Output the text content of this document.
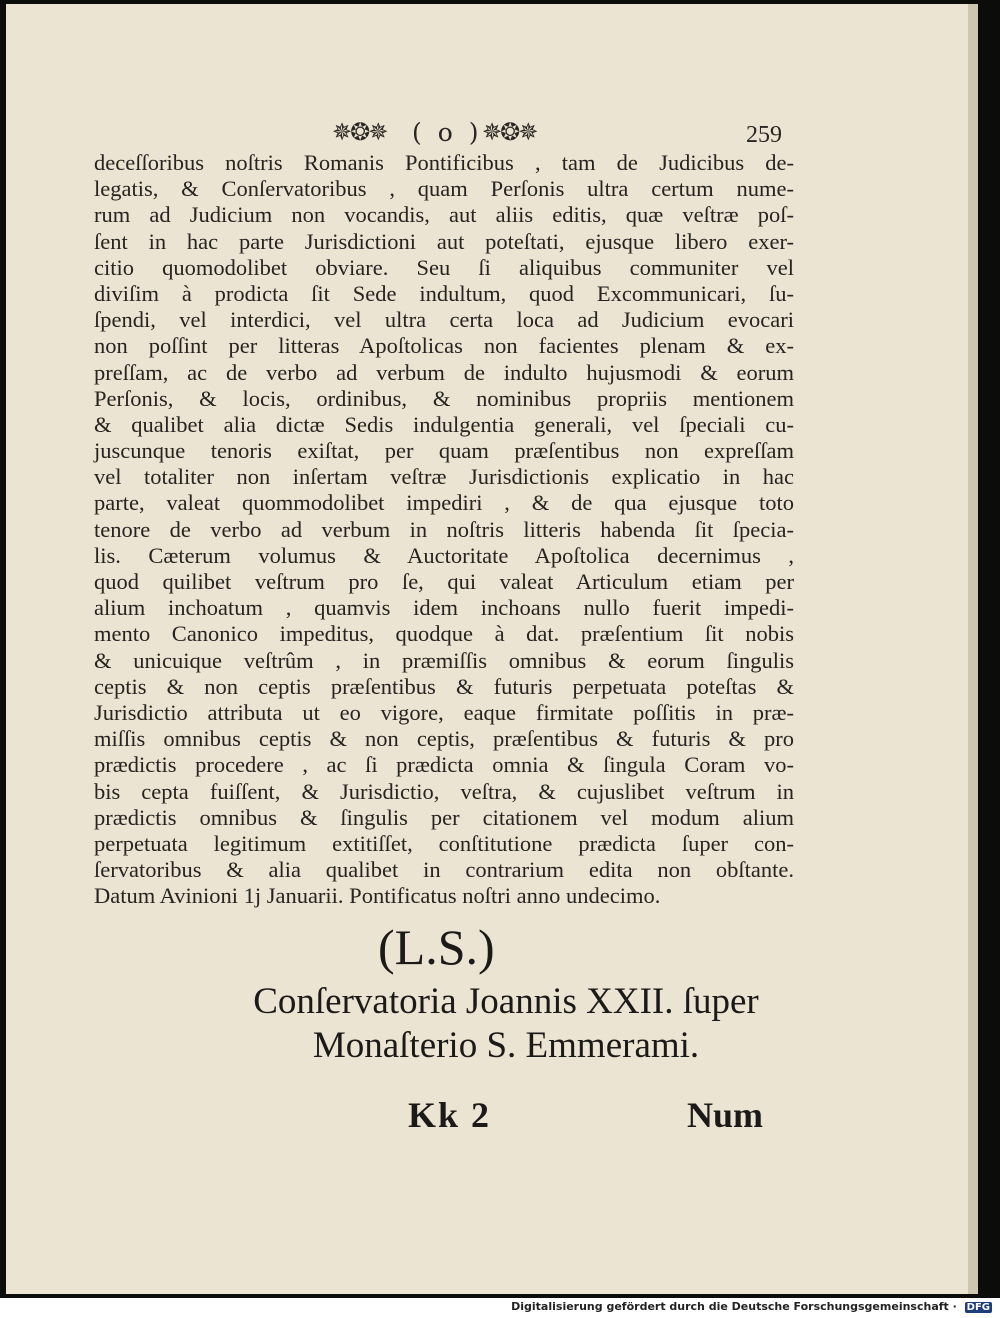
✵❂✵ ( o ) ✵❂✵	259
deceſſoribus noſtris Romanis Pontificibus , tam de Judicibus de-
legatis, & Conſervatoribus , quam Perſonis ultra certum nume-
rum ad Judicium non vocandis, aut aliis editis, quæ veſtræ poſ-
ſent in hac parte Jurisdictioni aut poteſtati, ejusque libero exer-
citio quomodolibet obviare. Seu ſi aliquibus communiter vel
diviſim à prodicta ſit Sede indultum, quod Excommunicari, ſu-
ſpendi, vel interdici, vel ultra certa loca ad Judicium evocari
non poſſint per litteras Apoſtolicas non facientes plenam & ex-
preſſam, ac de verbo ad verbum de indulto hujusmodi & eorum
Perſonis, & locis, ordinibus, & nominibus propriis mentionem
& qualibet alia dictæ Sedis indulgentia generali, vel ſpeciali cu-
juscunque tenoris exiſtat, per quam præſentibus non expreſſam
vel totaliter non inſertam veſtræ Jurisdictionis explicatio in hac
parte, valeat quommodolibet impediri , & de qua ejusque toto
tenore de verbo ad verbum in noſtris litteris habenda ſit ſpecia-
lis. Cæterum volumus & Auctoritate Apoſtolica decernimus ,
quod quilibet veſtrum pro ſe, qui valeat Articulum etiam per
alium inchoatum , quamvis idem inchoans nullo fuerit impedi-
mento Canonico impeditus, quodque à dat. præſentium ſit nobis
& unicuique veſtrûm , in præmiſſis omnibus & eorum ſingulis
ceptis & non ceptis præſentibus & futuris perpetuata poteſtas &
Jurisdictio attributa ut eo vigore, eaque firmitate poſſitis in præ-
miſſis omnibus ceptis & non ceptis, præſentibus & futuris & pro
prædictis procedere , ac ſi prædicta omnia & ſingula Coram vo-
bis cepta fuiſſent, & Jurisdictio, veſtra, & cujuslibet veſtrum in
prædictis omnibus & ſingulis per citationem vel modum alium
perpetuata legitimum extitiſſet, conſtitutione prædicta ſuper con-
ſervatoribus & alia qualibet in contrarium edita non obſtante.
Datum Avinioni 1j Januarii. Pontificatus noſtri anno undecimo.
(L.S.)
Conſervatoria Joannis XXII. ſuper
Monaſterio S. Emmerami.
Kk 2	Num
Digitalisierung gefördert durch die Deutsche Forschungsgemeinschaft · DFG
